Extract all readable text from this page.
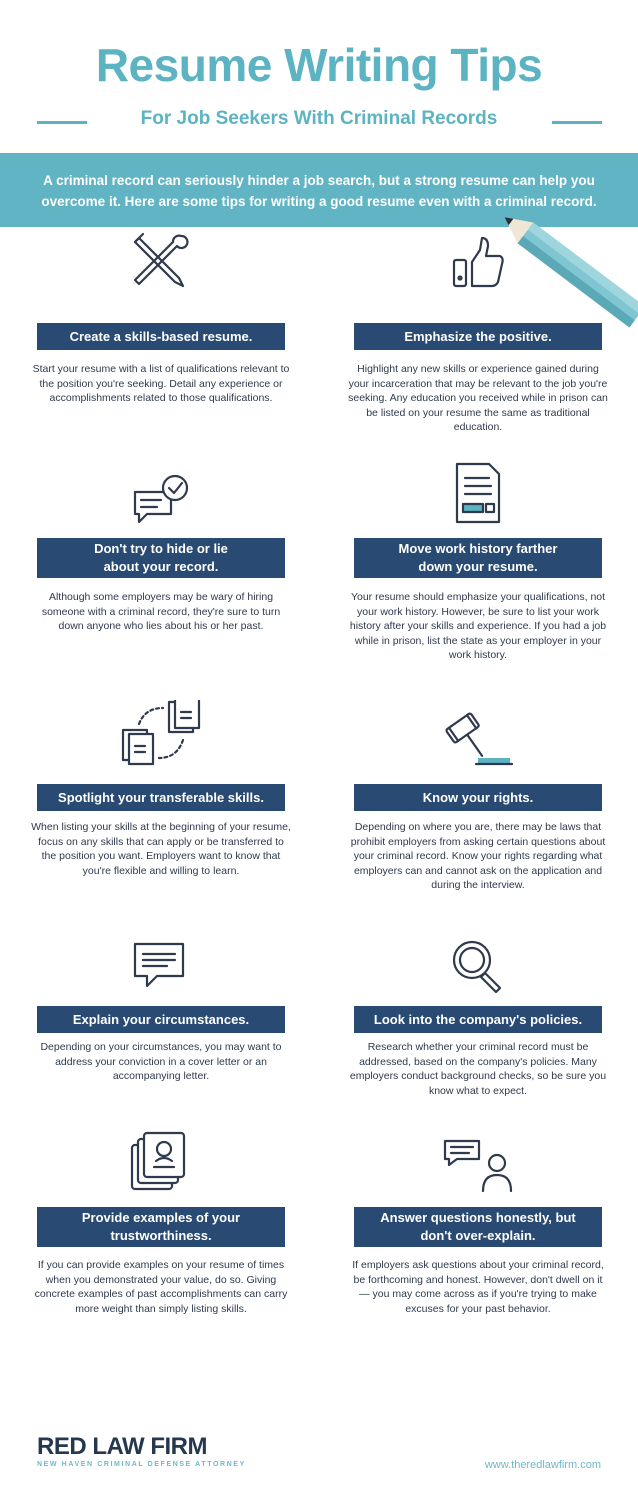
Resume Writing Tips
For Job Seekers With Criminal Records
A criminal record can seriously hinder a job search, but a strong resume can help you overcome it. Here are some tips for writing a good resume even with a criminal record.
Create a skills-based resume.
Start your resume with a list of qualifications relevant to the position you're seeking. Detail any experience or accomplishments related to those qualifications.
Emphasize the positive.
Highlight any new skills or experience gained during your incarceration that may be relevant to the job you're seeking. Any education you received while in prison can be listed on your resume the same as traditional education.
Don't try to hide or lie about your record.
Although some employers may be wary of hiring someone with a criminal record, they're sure to turn down anyone who lies about his or her past.
Move work history farther down your resume.
Your resume should emphasize your qualifications, not your work history. However, be sure to list your work history after your skills and experience. If you had a job while in prison, list the state as your employer in your work history.
Spotlight your transferable skills.
When listing your skills at the beginning of your resume, focus on any skills that can apply or be transferred to the position you want. Employers want to know that you're flexible and willing to learn.
Know your rights.
Depending on where you are, there may be laws that prohibit employers from asking certain questions about your criminal record. Know your rights regarding what employers can and cannot ask on the application and during the interview.
Explain your circumstances.
Depending on your circumstances, you may want to address your conviction in a cover letter or an accompanying letter.
Look into the company's policies.
Research whether your criminal record must be addressed, based on the company's policies. Many employers conduct background checks, so be sure you know what to expect.
Provide examples of your trustworthiness.
If you can provide examples on your resume of times when you demonstrated your value, do so. Giving concrete examples of past accomplishments can carry more weight than simply listing skills.
Answer questions honestly, but don't over-explain.
If employers ask questions about your criminal record, be forthcoming and honest. However, don't dwell on it — you may come across as if you're trying to make excuses for your past behavior.
RED LAW FIRM
NEW HAVEN CRIMINAL DEFENSE ATTORNEY	www.theredlawfirm.com
